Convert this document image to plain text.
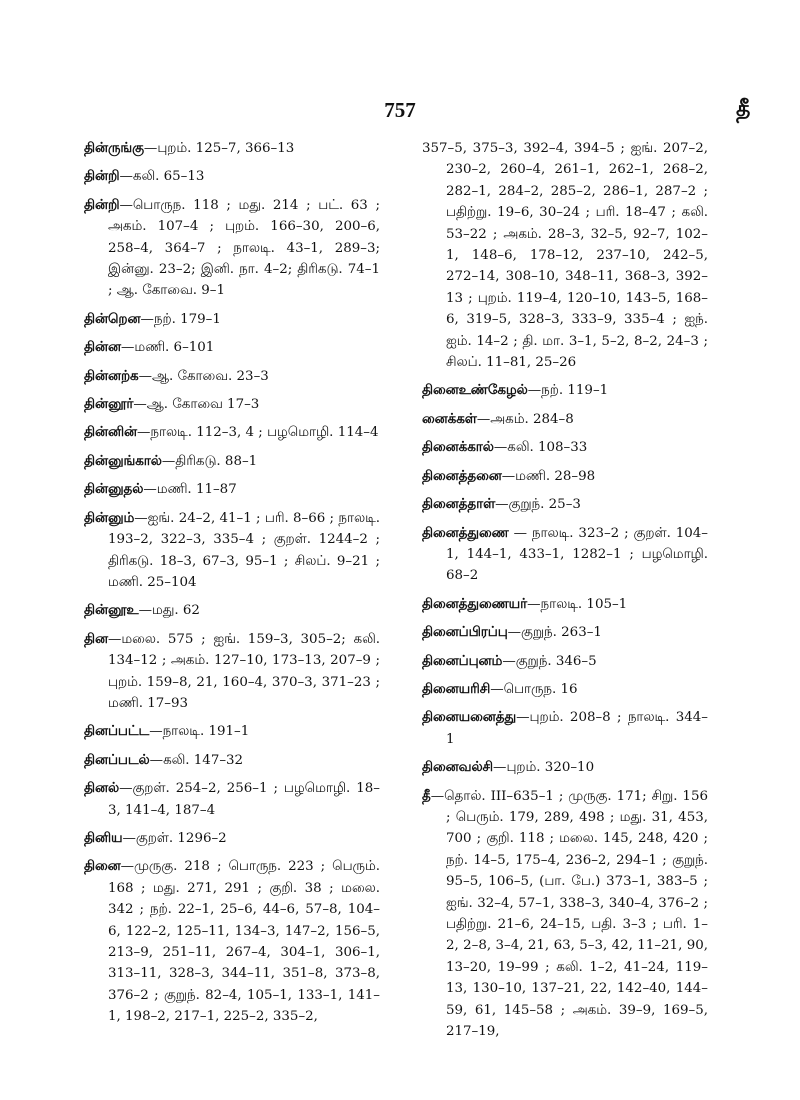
757	தீ

தின்ருங்கு—புறம். 125–7, 366–13

தின்றி—கலி. 65–13

தின்றி—பொருந. 118 ; மது. 214 ; பட். 63 ; அகம். 107–4 ; புறம். 166–30, 200–6, 258–4, 364–7 ; நாலடி. 43–1, 289–3; இன்னு. 23–2; இனி. நா. 4–2; திரிகடு. 74–1 ; ஆ. கோவை. 9–1

தின்றென—நற். 179–1

தின்ன—மணி. 6–101

தின்னற்க—ஆ. கோவை. 23–3

தின்னூர்—ஆ. கோவை 17–3

தின்னின்—நாலடி. 112–3, 4 ; பழமொழி. 114–4

தின்னுங்கால்—திரிகடு. 88–1

தின்னுதல்—மணி. 11–87

தின்னும்—ஐங். 24–2, 41–1 ; பரி. 8–66 ; நாலடி. 193–2, 322–3, 335–4 ; குறள். 1244–2 ; திரிகடு. 18–3, 67–3, 95–1 ; சிலப். 9–21 ; மணி. 25–104

தின்னூஉ—மது. 62

தின—மலை. 575 ; ஐங். 159–3, 305–2; கலி. 134–12 ; அகம். 127–10, 173–13, 207–9 ; புறம். 159–8, 21, 160–4, 370–3, 371–23 ; மணி. 17–93

தினப்பட்ட—நாலடி. 191–1

தினப்படல்—கலி. 147–32

தினல்—குறள். 254–2, 256–1 ; பழமொழி. 18–3, 141–4, 187–4

தினிய—குறள். 1296–2

தினை—முருகு. 218 ; பொருந. 223 ; பெரும். 168 ; மது. 271, 291 ; குறி. 38 ; மலை. 342 ; நற். 22–1, 25–6, 44–6, 57–8, 104–6, 122–2, 125–11, 134–3, 147–2, 156–5, 213–9, 251–11, 267–4, 304–1, 306–1, 313–11, 328–3, 344–11, 351–8, 373–8, 376–2 ; குறுந். 82–4, 105–1, 133–1, 141–1, 198–2, 217–1, 225–2, 335–2,

357–5, 375–3, 392–4, 394–5 ; ஐங். 207–2, 230–2, 260–4, 261–1, 262–1, 268–2, 282–1, 284–2, 285–2, 286–1, 287–2 ; பதிற்று. 19–6, 30–24 ; பரி. 18–47 ; கலி. 53–22 ; அகம். 28–3, 32–5, 92–7, 102–1, 148–6, 178–12, 237–10, 242–5, 272–14, 308–10, 348–11, 368–3, 392–13 ; புறம். 119–4, 120–10, 143–5, 168–6, 319–5, 328–3, 333–9, 335–4 ; ஐந். ஐம். 14–2 ; தி. மா. 3–1, 5–2, 8–2, 24–3 ; சிலப். 11–81, 25–26

தினைஉண்கேழல்—நற். 119–1

னைக்கள்—அகம். 284–8

தினைக்கால்—கலி. 108–33

தினைத்தனை—மணி. 28–98

தினைத்தாள்—குறுந். 25–3

தினைத்துணை — நாலடி. 323–2 ; குறள். 104–1, 144–1, 433–1, 1282–1 ; பழமொழி. 68–2

தினைத்துணையர்—நாலடி. 105–1

தினைப்பிரப்பு—குறுந். 263–1

தினைப்புனம்—குறுந். 346–5

தினையரிசி—பொருந. 16

தினையனைத்து—புறம். 208–8 ; நாலடி. 344–1

தினைவல்சி—புறம். 320–10

தீ—தொல். III–635–1 ; முருகு. 171; சிறு. 156 ; பெரும். 179, 289, 498 ; மது. 31, 453, 700 ; குறி. 118 ; மலை. 145, 248, 420 ; நற். 14–5, 175–4, 236–2, 294–1 ; குறுந். 95–5, 106–5, (பா. பே.) 373–1, 383–5 ; ஐங். 32–4, 57–1, 338–3, 340–4, 376–2 ; பதிற்று. 21–6, 24–15, பதி. 3–3 ; பரி. 1–2, 2–8, 3–4, 21, 63, 5–3, 42, 11–21, 90, 13–20, 19–99 ; கலி. 1–2, 41–24, 119–13, 130–10, 137–21, 22, 142–40, 144–59, 61, 145–58 ; அகம். 39–9, 169–5, 217–19,
